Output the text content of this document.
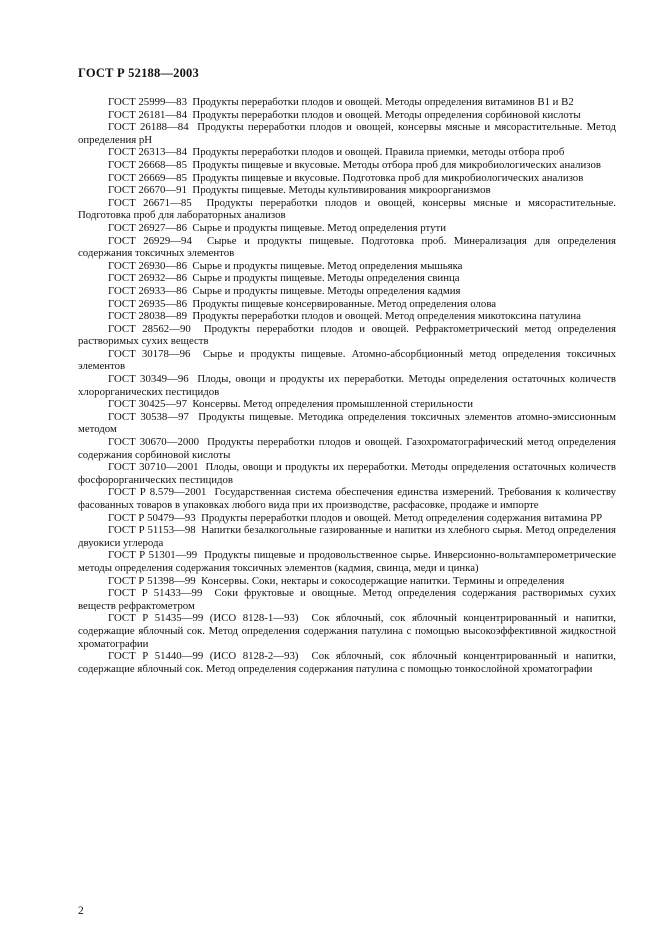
ГОСТ Р 52188—2003

ГОСТ 25999—83 Продукты переработки плодов и овощей. Методы определения витаминов B1 и B2

ГОСТ 26181—84 Продукты переработки плодов и овощей. Методы определения сорбиновой кислоты

ГОСТ 26188—84 Продукты переработки плодов и овощей, консервы мясные и мясорастительные. Метод определения pH

ГОСТ 26313—84 Продукты переработки плодов и овощей. Правила приемки, методы отбора проб

ГОСТ 26668—85 Продукты пищевые и вкусовые. Методы отбора проб для микробиологических анализов

ГОСТ 26669—85 Продукты пищевые и вкусовые. Подготовка проб для микробиологических анализов

ГОСТ 26670—91 Продукты пищевые. Методы культивирования микроорганизмов

ГОСТ 26671—85 Продукты переработки плодов и овощей, консервы мясные и мясорастительные. Подготовка проб для лабораторных анализов

ГОСТ 26927—86 Сырье и продукты пищевые. Метод определения ртути

ГОСТ 26929—94 Сырье и продукты пищевые. Подготовка проб. Минерализация для определения содержания токсичных элементов

ГОСТ 26930—86 Сырье и продукты пищевые. Метод определения мышьяка

ГОСТ 26932—86 Сырье и продукты пищевые. Методы определения свинца

ГОСТ 26933—86 Сырье и продукты пищевые. Методы определения кадмия

ГОСТ 26935—86 Продукты пищевые консервированные. Метод определения олова

ГОСТ 28038—89 Продукты переработки плодов и овощей. Метод определения микотоксина патулина

ГОСТ 28562—90 Продукты переработки плодов и овощей. Рефрактометрический метод определения растворимых сухих веществ

ГОСТ 30178—96 Сырье и продукты пищевые. Атомно-абсорбционный метод определения токсичных элементов

ГОСТ 30349—96 Плоды, овощи и продукты их переработки. Методы определения остаточных количеств хлорорганических пестицидов

ГОСТ 30425—97 Консервы. Метод определения промышленной стерильности

ГОСТ 30538—97 Продукты пищевые. Методика определения токсичных элементов атомно-эмиссионным методом

ГОСТ 30670—2000 Продукты переработки плодов и овощей. Газохроматографический метод определения содержания сорбиновой кислоты

ГОСТ 30710—2001 Плоды, овощи и продукты их переработки. Методы определения остаточных количеств фосфорорганических пестицидов

ГОСТ Р 8.579—2001 Государственная система обеспечения единства измерений. Требования к количеству фасованных товаров в упаковках любого вида при их производстве, расфасовке, продаже и импорте

ГОСТ Р 50479—93 Продукты переработки плодов и овощей. Метод определения содержания витамина PP

ГОСТ Р 51153—98 Напитки безалкогольные газированные и напитки из хлебного сырья. Метод определения двуокиси углерода

ГОСТ Р 51301—99 Продукты пищевые и продовольственное сырье. Инверсионно-вольтамперометрические методы определения содержания токсичных элементов (кадмия, свинца, меди и цинка)

ГОСТ Р 51398—99 Консервы. Соки, нектары и сокосодержащие напитки. Термины и определения

ГОСТ Р 51433—99 Соки фруктовые и овощные. Метод определения содержания растворимых сухих веществ рефрактометром

ГОСТ Р 51435—99 (ИСО 8128-1—93) Сок яблочный, сок яблочный концентрированный и напитки, содержащие яблочный сок. Метод определения содержания патулина с помощью высокоэффективной жидкостной хроматографии

ГОСТ Р 51440—99 (ИСО 8128-2—93) Сок яблочный, сок яблочный концентрированный и напитки, содержащие яблочный сок. Метод определения содержания патулина с помощью тонкослойной хроматографии

2
